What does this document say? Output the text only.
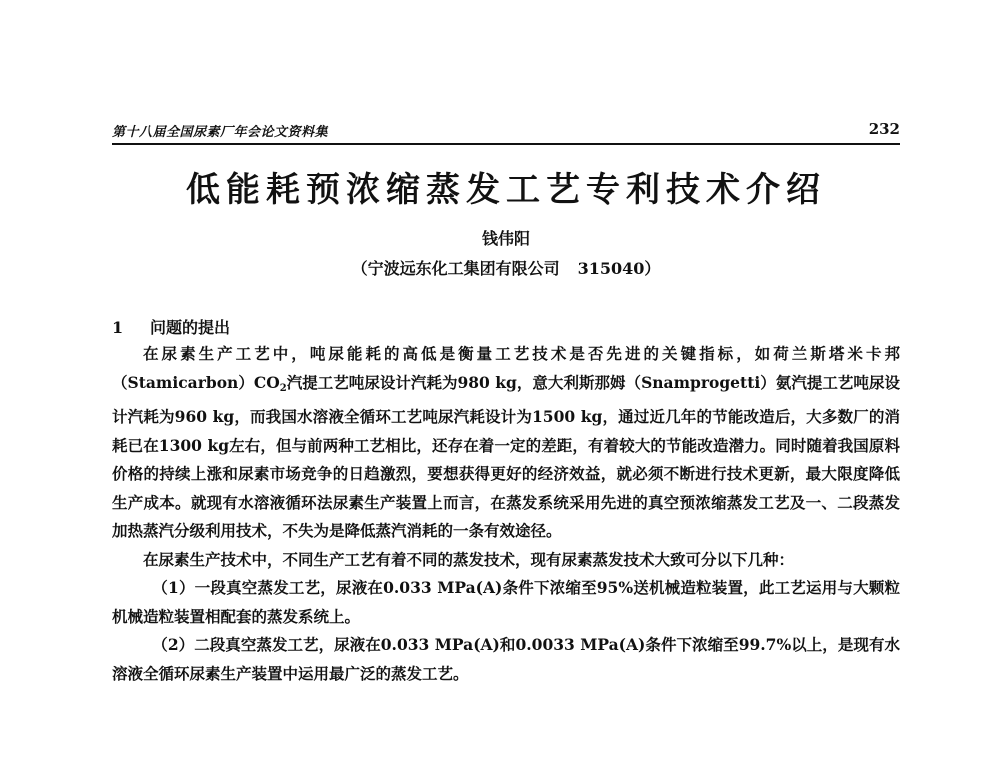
第十八届全国尿素厂年会论文资料集	232
低能耗预浓缩蒸发工艺专利技术介绍
钱伟阳
（宁波远东化工集团有限公司 315040）
1 问题的提出

在尿素生产工艺中，吨尿能耗的高低是衡量工艺技术是否先进的关键指标，如荷兰斯塔米卡邦$(Stamicarbon)CO_2$汽提工艺吨尿设计汽耗为980 kg，意大利斯那姆（Snamprogetti）氨汽提工艺吨尿设计汽耗为960 kg，而我国水溶液全循环工艺吨尿汽耗设计为1500 kg，通过近几年的节能改造后，大多数厂的消耗已在1300 kg左右，但与前两种工艺相比，还存在着一定的差距，有着较大的节能改造潜力。同时随着我国原料价格的持续上涨和尿素市场竞争的日趋激烈，要想获得更好的经济效益，就必须不断进行技术更新，最大限度降低生产成本。就现有水溶液循环法尿素生产装置上而言，在蒸发系统采用先进的真空预浓缩蒸发工艺及一、二段蒸发加热蒸汽分级利用技术，不失为是降低蒸汽消耗的一条有效途径。

在尿素生产技术中，不同生产工艺有着不同的蒸发技术，现有尿素蒸发技术大致可分以下几种：

（1）一段真空蒸发工艺，尿液在0.033 MPa(A)条件下浓缩至95%送机械造粒装置，此工艺运用与大颗粒机械造粒装置相配套的蒸发系统上。

（2）二段真空蒸发工艺，尿液在0.033 MPa(A)和0.0033 MPa(A)条件下浓缩至99.7%以上，是现有水溶液全循环尿素生产装置中运用最广泛的蒸发工艺。
